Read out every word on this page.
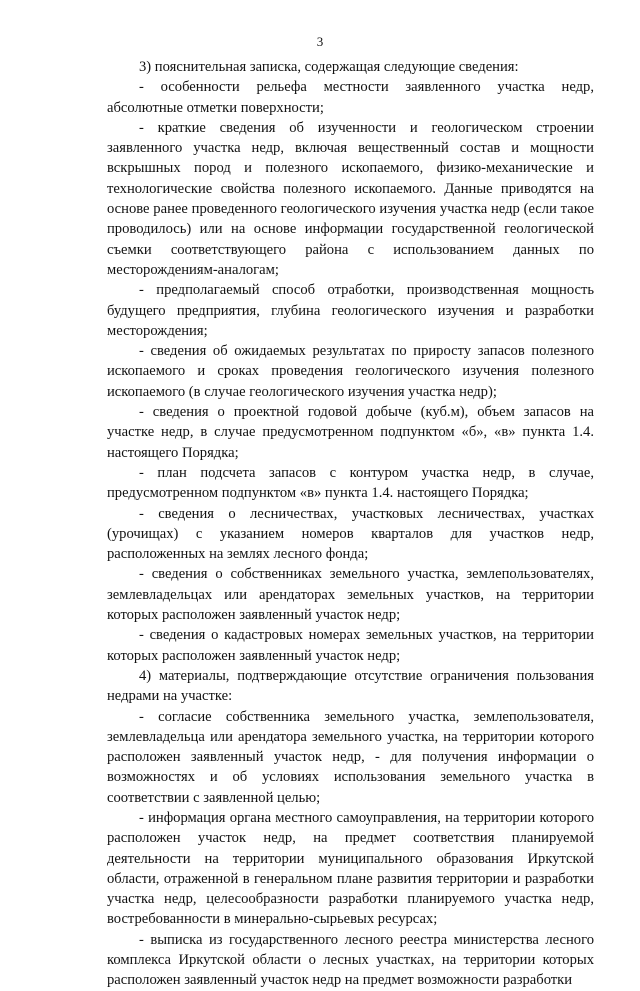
3

3) пояснительная записка, содержащая следующие сведения:

- особенности рельефа местности заявленного участка недр, абсолютные отметки поверхности;

- краткие сведения об изученности и геологическом строении заявленного участка недр, включая вещественный состав и мощности вскрышных пород и полезного ископаемого, физико-механические и технологические свойства полезного ископаемого. Данные приводятся на основе ранее проведенного геологического изучения участка недр (если такое проводилось) или на основе информации государственной геологической съемки соответствующего района с использованием данных по месторождениям-аналогам;

- предполагаемый способ отработки, производственная мощность будущего предприятия, глубина геологического изучения и разработки месторождения;

- сведения об ожидаемых результатах по приросту запасов полезного ископаемого и сроках проведения геологического изучения полезного ископаемого (в случае геологического изучения участка недр);

- сведения о проектной годовой добыче (куб.м), объем запасов на участке недр, в случае предусмотренном подпунктом «б», «в» пункта 1.4. настоящего Порядка;

- план подсчета запасов с контуром участка недр, в случае, предусмотренном подпунктом «в» пункта 1.4. настоящего Порядка;

- сведения о лесничествах, участковых лесничествах, участках (урочищах) с указанием номеров кварталов для участков недр, расположенных на землях лесного фонда;

- сведения о собственниках земельного участка, землепользователях, землевладельцах или арендаторах земельных участков, на территории которых расположен заявленный участок недр;

- сведения о кадастровых номерах земельных участков, на территории которых расположен заявленный участок недр;

4) материалы, подтверждающие отсутствие ограничения пользования недрами на участке:

- согласие собственника земельного участка, землепользователя, землевладельца или арендатора земельного участка, на территории которого расположен заявленный участок недр, - для получения информации о возможностях и об условиях использования земельного участка в соответствии с заявленной целью;

- информация органа местного самоуправления, на территории которого расположен участок недр, на предмет соответствия планируемой деятельности на территории муниципального образования Иркутской области, отраженной в генеральном плане развития территории и разработки участка недр, целесообразности разработки планируемого участка недр, востребованности в минерально-сырьевых ресурсах;

- выписка из государственного лесного реестра министерства лесного комплекса Иркутской области о лесных участках, на территории которых расположен заявленный участок недр на предмет возможности разработки
